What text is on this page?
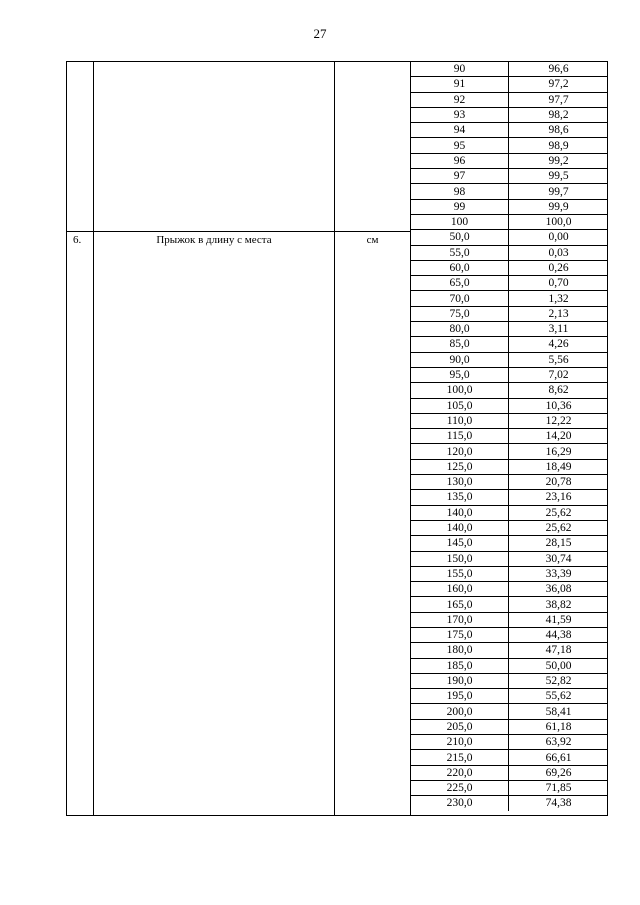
27
6.	Прыжок в длину с места	см
90	96,6
91	97,2
92	97,7
93	98,2
94	98,6
95	98,9
96	99,2
97	99,5
98	99,7
99	99,9
100	100,0
50,0	0,00
55,0	0,03
60,0	0,26
65,0	0,70
70,0	1,32
75,0	2,13
80,0	3,11
85,0	4,26
90,0	5,56
95,0	7,02
100,0	8,62
105,0	10,36
110,0	12,22
115,0	14,20
120,0	16,29
125,0	18,49
130,0	20,78
135,0	23,16
140,0	25,62
140,0	25,62
145,0	28,15
150,0	30,74
155,0	33,39
160,0	36,08
165,0	38,82
170,0	41,59
175,0	44,38
180,0	47,18
185,0	50,00
190,0	52,82
195,0	55,62
200,0	58,41
205,0	61,18
210,0	63,92
215,0	66,61
220,0	69,26
225,0	71,85
230,0	74,38
